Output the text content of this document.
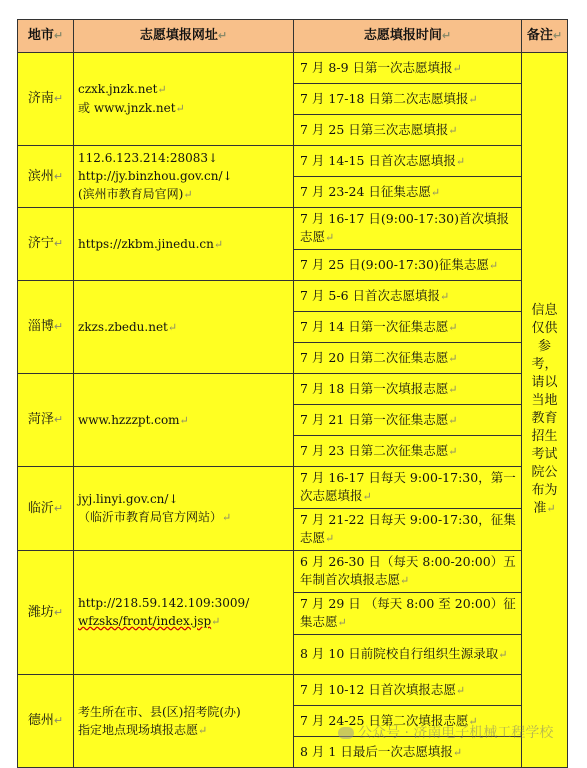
地市↵	志愿填报网址↵	志愿填报时间↵	备注↵
济南↵	czxk.jnzk.net↵
或 www.jnzk.net↵	7 月 8-9 日第一次志愿填报↵	信息仅供参考，请以当地教育招生考试院公布为准↵
		7 月 17-18 日第二次志愿填报↵	
		7 月 25 日第三次志愿填报↵	
滨州↵	112.6.123.214:28083↓
http://jy.binzhou.gov.cn/↓
(滨州市教育局官网)↵	7 月 14-15 日首次志愿填报↵	
		7 月 23-24 日征集志愿↵	
济宁↵	https://zkbm.jinedu.cn↵	7 月 16-17 日(9:00-17:30)首次填报志愿↵	
		7 月 25 日(9:00-17:30)征集志愿↵	
淄博↵	zkzs.zbedu.net↵	7 月 5-6 日首次志愿填报↵	
		7 月 14 日第一次征集志愿↵	
		7 月 20 日第二次征集志愿↵	
菏泽↵	www.hzzzpt.com↵	7 月 18 日第一次填报志愿↵	
		7 月 21 日第一次征集志愿↵	
		7 月 23 日第二次征集志愿↵	
临沂↵	jyj.linyi.gov.cn/↓
（临沂市教育局官方网站）↵	7 月 16-17 日每天 9:00-17:30，第一次志愿填报↵	
		7 月 21-22 日每天 9:00-17:30，征集志愿↵	
潍坊↵	http://218.59.142.109:3009/
wfzsks/front/index.jsp↵	6 月 26-30 日（每天 8:00-20:00）五年制首次填报志愿↵	
		7 月 29 日 （每天 8:00 至 20:00）征集志愿↵	
		8 月 10 日前院校自行组织生源录取↵	
德州↵	考生所在市、县(区)招考院(办)
指定地点现场填报志愿↵	7 月 10-12 日首次填报志愿↵	
		7 月 24-25 日第二次填报志愿↵	
		8 月 1 日最后一次志愿填报↵	
公众号 · 济南电子机械工程学校
